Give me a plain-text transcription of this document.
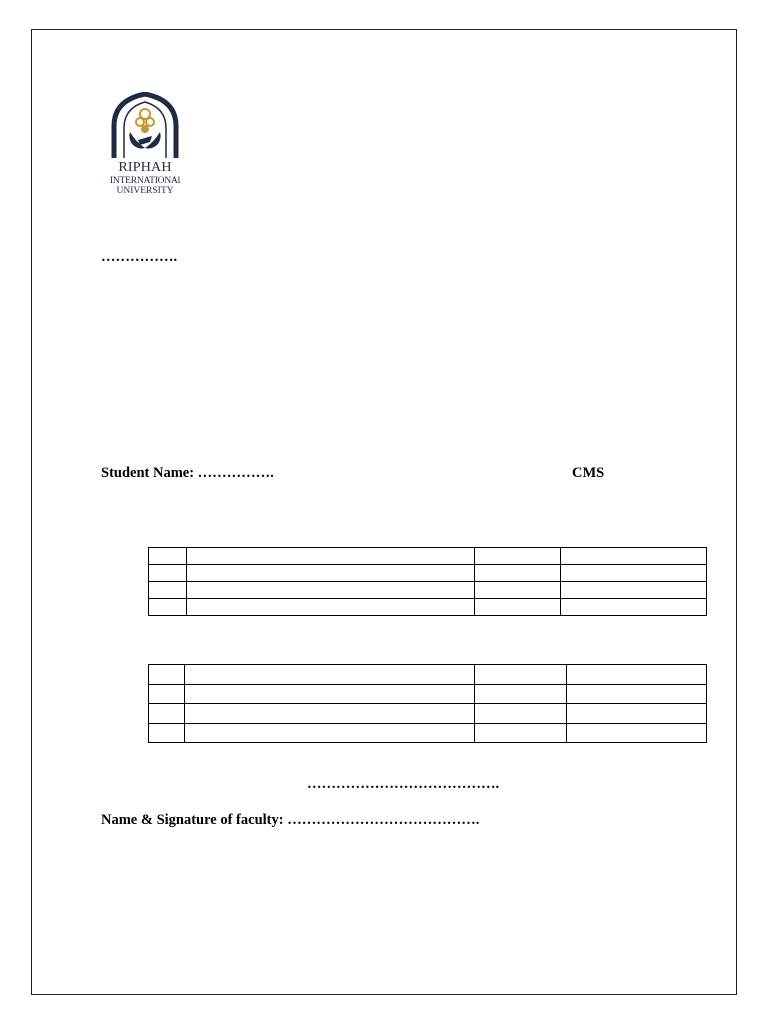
RIPHAH
INTERNATIONAl
UNIVERSITY
…………….
Student Name: …………….	CMS

………………………………….
Name & Signature of faculty: ………………………………….
